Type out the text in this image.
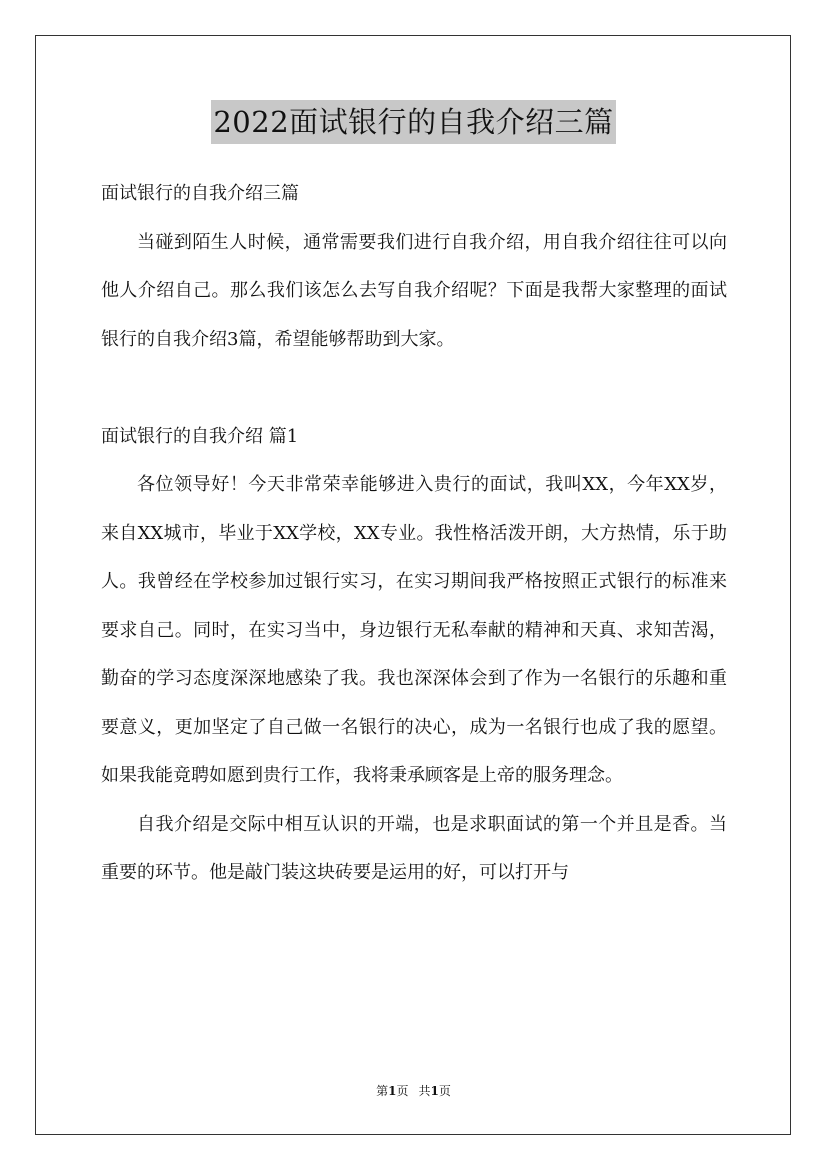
2022面试银行的自我介绍三篇

面试银行的自我介绍三篇

当碰到陌生人时候，通常需要我们进行自我介绍，用自我介绍往往可以向他人介绍自己。那么我们该怎么去写自我介绍呢？下面是我帮大家整理的面试银行的自我介绍3篇，希望能够帮助到大家。

面试银行的自我介绍 篇1

各位领导好！今天非常荣幸能够进入贵行的面试，我叫XX，今年XX岁，来自XX城市，毕业于XX学校，XX专业。我性格活泼开朗，大方热情，乐于助人。我曾经在学校参加过银行实习，在实习期间我严格按照正式银行的标准来要求自己。同时，在实习当中，身边银行无私奉献的精神和天真、求知苦渴，勤奋的学习态度深深地感染了我。我也深深体会到了作为一名银行的乐趣和重要意义，更加坚定了自己做一名银行的决心，成为一名银行也成了我的愿望。如果我能竟聘如愿到贵行工作，我将秉承顾客是上帝的服务理念。

自我介绍是交际中相互认识的开端，也是求职面试的第一个并且是香。当重要的环节。他是敲门装这块砖要是运用的好，可以打开与

第1页 共1页
